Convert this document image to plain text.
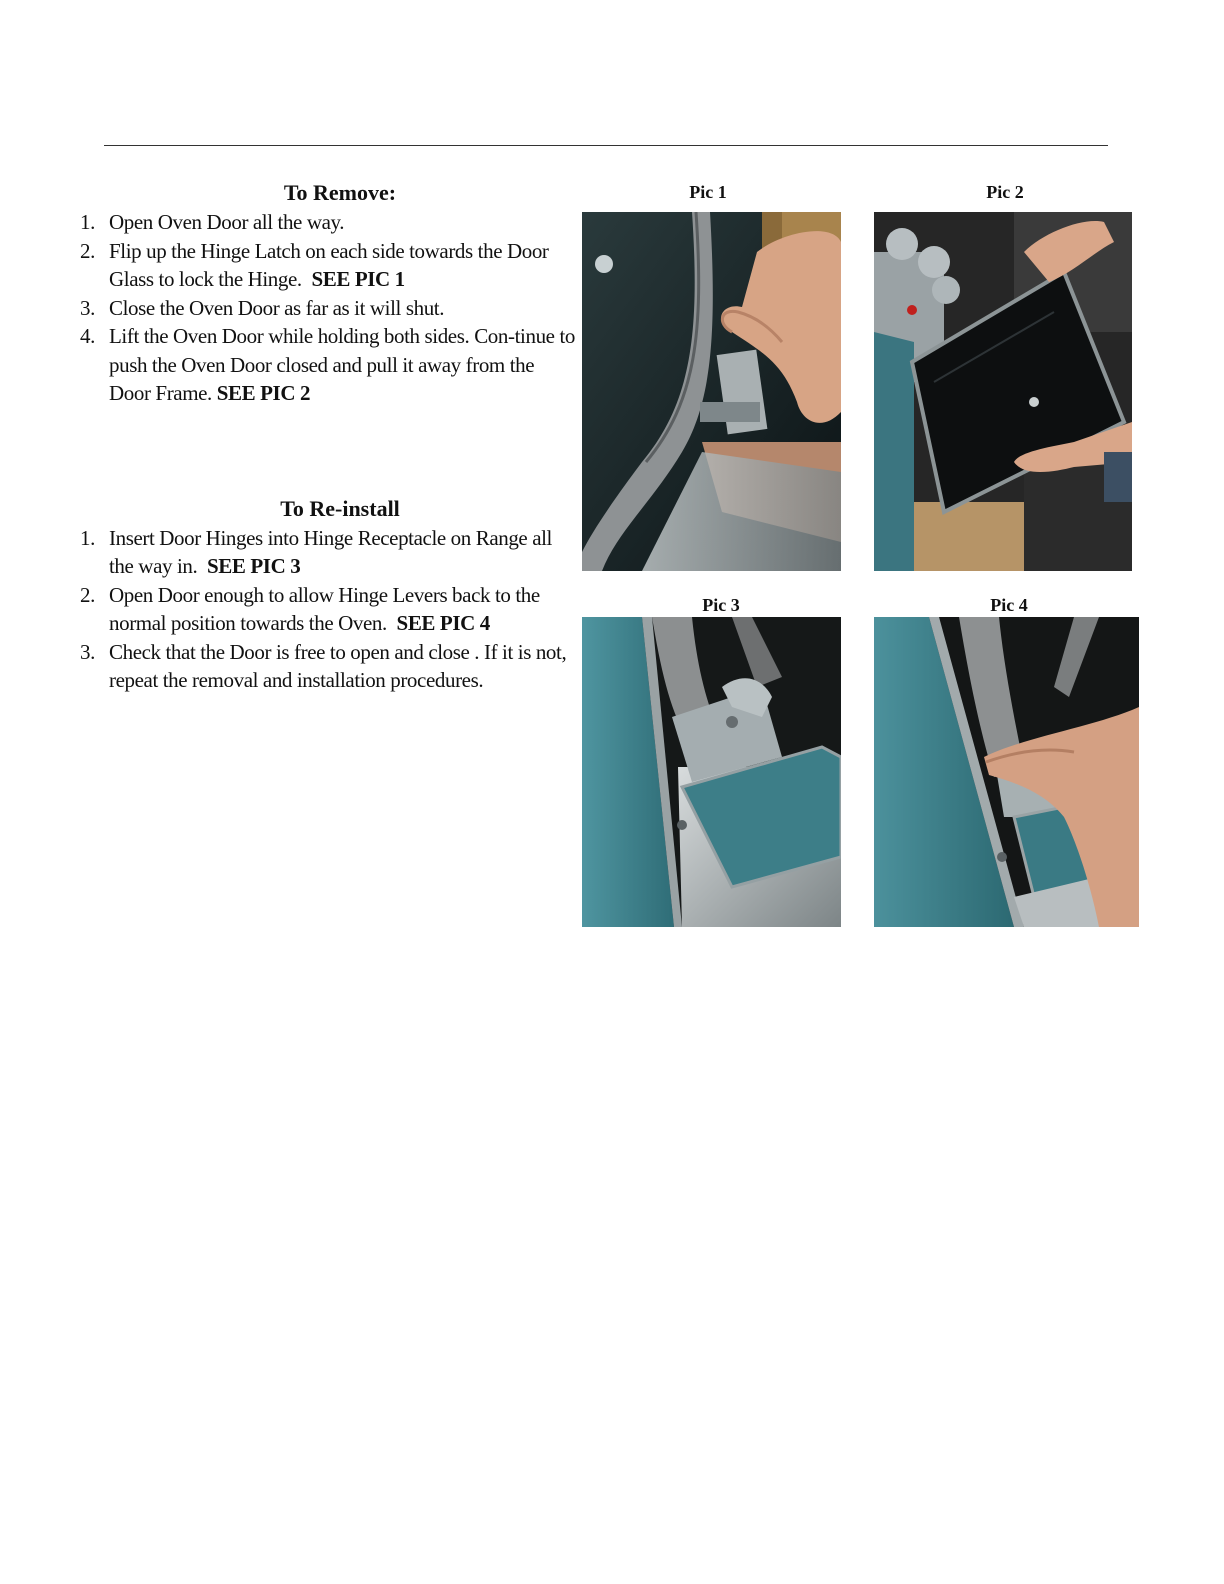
To Remove:
1. Open Oven Door all the way.
2. Flip up the Hinge Latch on each side towards the Door Glass to lock the Hinge. SEE PIC 1
3. Close the Oven Door as far as it will shut.
4. Lift the Oven Door while holding both sides. Con-tinue to push the Oven Door closed and pull it away from the Door Frame. SEE PIC 2
To Re-install
1. Insert Door Hinges into Hinge Receptacle on Range all the way in. SEE PIC 3
2. Open Door enough to allow Hinge Levers back to the normal position towards the Oven. SEE PIC 4
3. Check that the Door is free to open and close . If it is not, repeat the removal and installation procedures.
Pic 1	Pic 2
Pic 3	Pic 4
